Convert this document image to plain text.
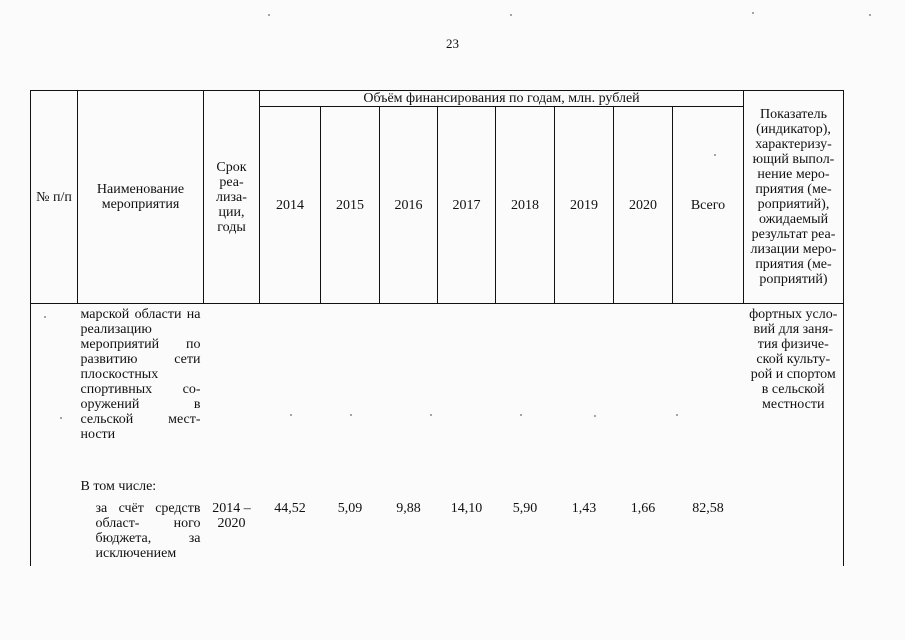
23
№ п/п	Наименование мероприятия	Срок реа- лиза- ции, годы	Объём финансирования по годам, млн. рублей								Показатель (индикатор), характеризу- ющий выпол- нение меро- приятия (ме- роприятий), ожидаемый результат реа- лизации меро- приятия (ме- роприятий)
			2014	2015	2016	2017	2018	2019	2020	Всего	
	марской области на реализацию мероприятий по развитию сети плоскостных спортивных со- оружений в сельской мест- ности										фортных усло- вий для заня- тия физиче- ской культу- рой и спортом в сельской местности
	В том числе:										
	за счёт средств област- ного бюджета, за исключением	2014 – 2020	44,52	5,09	9,88	14,10	5,90	1,43	1,66	82,58	
